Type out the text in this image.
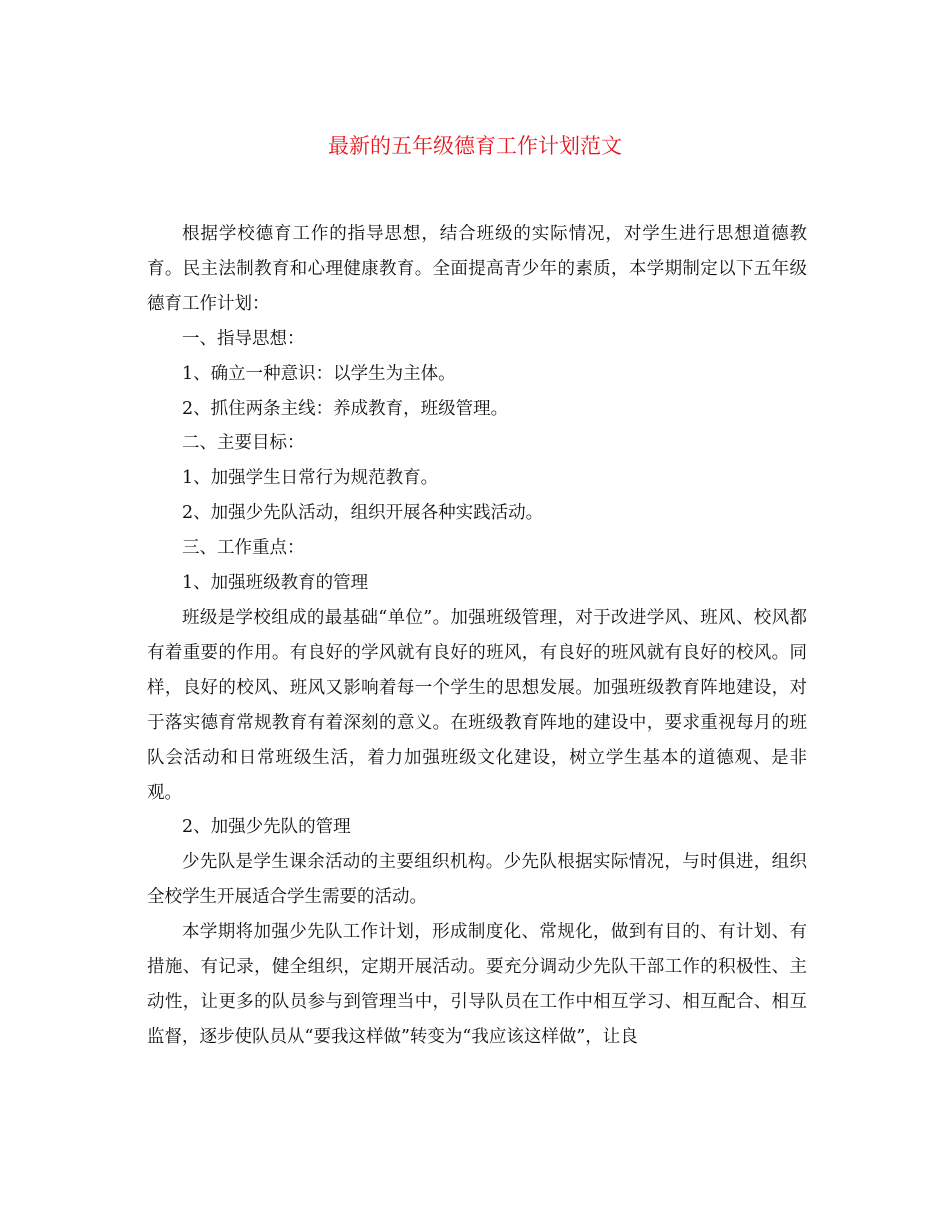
最新的五年级德育工作计划范文

根据学校德育工作的指导思想，结合班级的实际情况，对学生进行思想道德教育。民主法制教育和心理健康教育。全面提高青少年的素质，本学期制定以下五年级德育工作计划：

一、指导思想：

1、确立一种意识：以学生为主体。

2、抓住两条主线：养成教育，班级管理。

二、主要目标：

1、加强学生日常行为规范教育。

2、加强少先队活动，组织开展各种实践活动。

三、工作重点：

1、加强班级教育的管理

班级是学校组成的最基础“单位”。加强班级管理，对于改进学风、班风、校风都有着重要的作用。有良好的学风就有良好的班风，有良好的班风就有良好的校风。同样，良好的校风、班风又影响着每一个学生的思想发展。加强班级教育阵地建设，对于落实德育常规教育有着深刻的意义。在班级教育阵地的建设中，要求重视每月的班队会活动和日常班级生活，着力加强班级文化建设，树立学生基本的道德观、是非观。

2、加强少先队的管理

少先队是学生课余活动的主要组织机构。少先队根据实际情况，与时俱进，组织全校学生开展适合学生需要的活动。

本学期将加强少先队工作计划，形成制度化、常规化，做到有目的、有计划、有措施、有记录，健全组织，定期开展活动。要充分调动少先队干部工作的积极性、主动性，让更多的队员参与到管理当中，引导队员在工作中相互学习、相互配合、相互监督，逐步使队员从“要我这样做”转变为“我应该这样做”，让良
